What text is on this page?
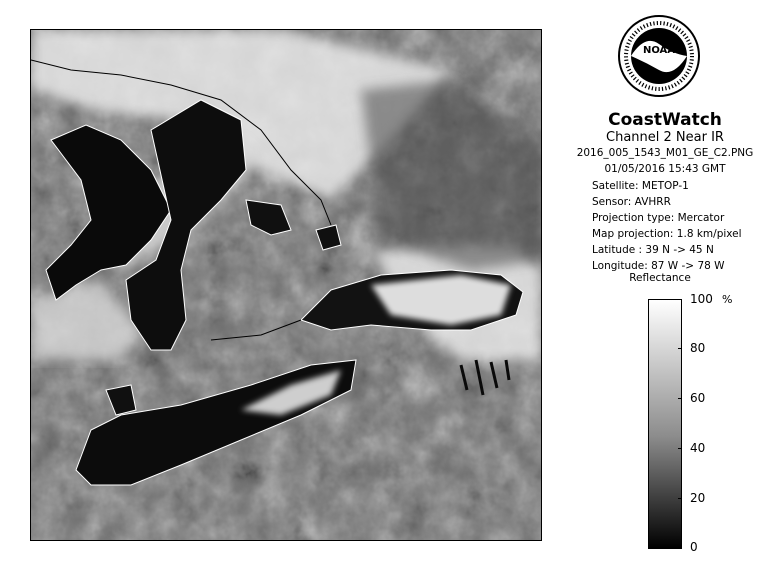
NOAA
CoastWatch
Channel 2 Near IR
2016_005_1543_M01_GE_C2.PNG
01/05/2016 15:43 GMT
Satellite: METOP-1
Sensor: AVHRR
Projection type: Mercator
Map projection: 1.8 km/pixel
Latitude : 39 N -> 45 N
Longitude: 87 W -> 78 W
Reflectance
%
100
80
60
40
20
0
